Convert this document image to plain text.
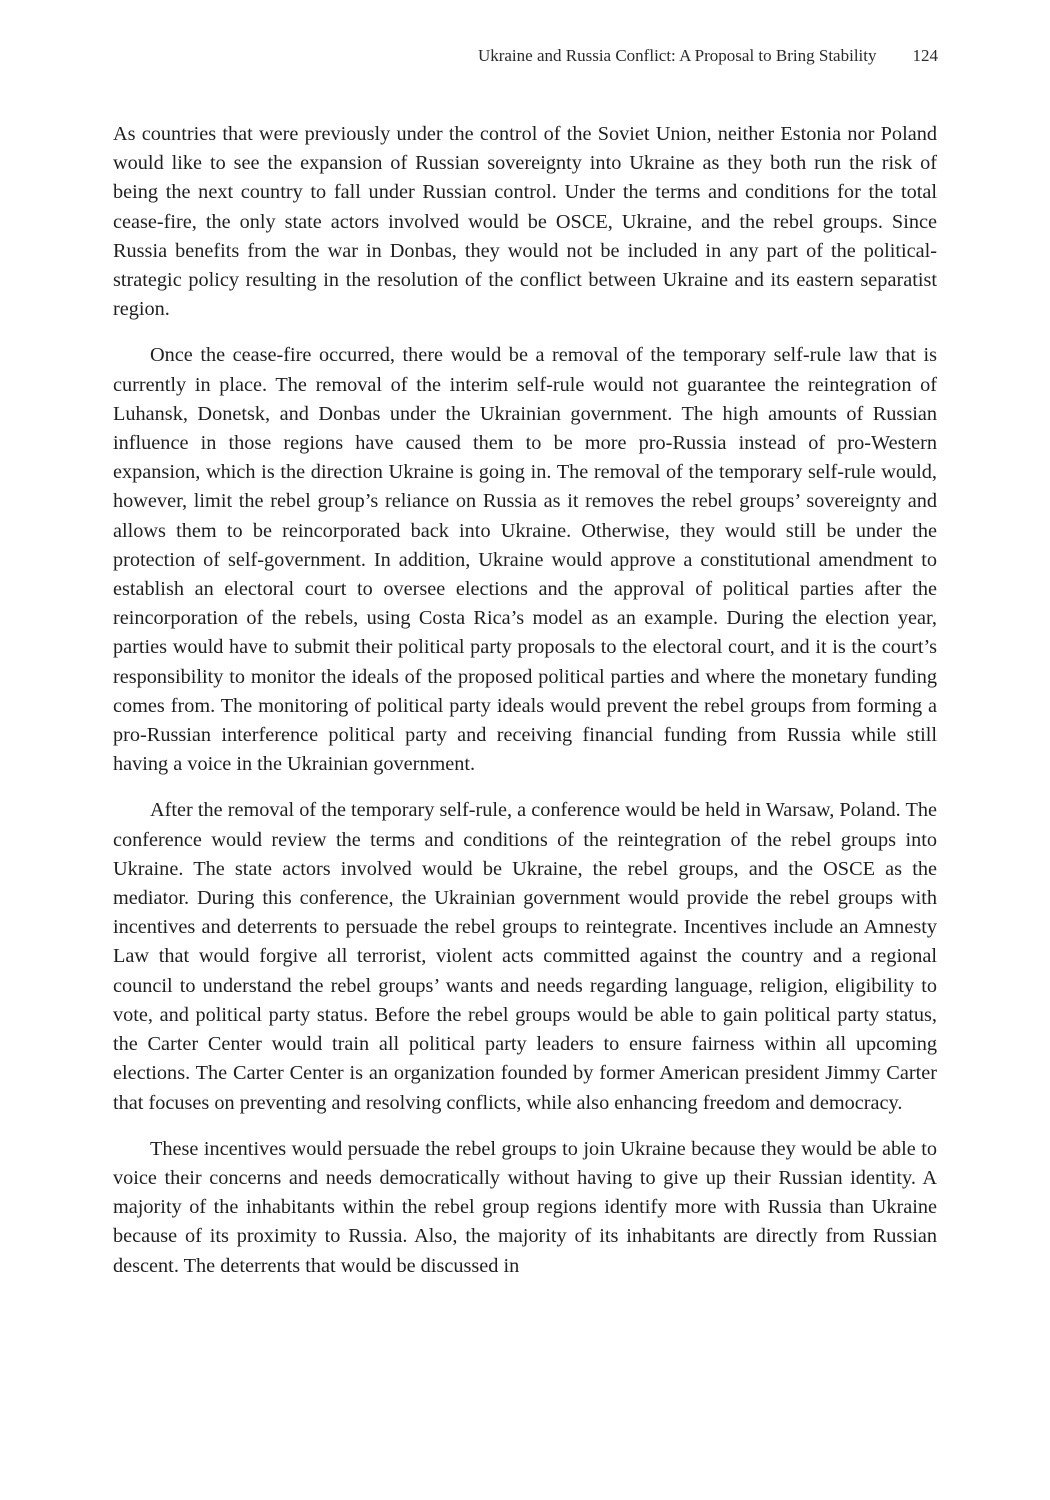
Ukraine and Russia Conflict: A Proposal to Bring Stability 124

As countries that were previously under the control of the Soviet Union, neither Estonia nor Poland would like to see the expansion of Russian sovereignty into Ukraine as they both run the risk of being the next country to fall under Russian control. Under the terms and conditions for the total cease-fire, the only state actors involved would be OSCE, Ukraine, and the rebel groups. Since Russia benefits from the war in Donbas, they would not be included in any part of the political-strategic policy resulting in the resolution of the conflict between Ukraine and its eastern separatist region.

Once the cease-fire occurred, there would be a removal of the temporary self-rule law that is currently in place. The removal of the interim self-rule would not guarantee the reintegration of Luhansk, Donetsk, and Donbas under the Ukrainian government. The high amounts of Russian influence in those regions have caused them to be more pro-Russia instead of pro-Western expansion, which is the direction Ukraine is going in. The removal of the temporary self-rule would, however, limit the rebel group’s reliance on Russia as it removes the rebel groups’ sovereignty and allows them to be reincorporated back into Ukraine. Otherwise, they would still be under the protection of self-government. In addition, Ukraine would approve a constitutional amendment to establish an electoral court to oversee elections and the approval of political parties after the reincorporation of the rebels, using Costa Rica’s model as an example. During the election year, parties would have to submit their political party proposals to the electoral court, and it is the court’s responsibility to monitor the ideals of the proposed political parties and where the monetary funding comes from. The monitoring of political party ideals would prevent the rebel groups from forming a pro-Russian interference political party and receiving financial funding from Russia while still having a voice in the Ukrainian government.

After the removal of the temporary self-rule, a conference would be held in Warsaw, Poland. The conference would review the terms and conditions of the reintegration of the rebel groups into Ukraine. The state actors involved would be Ukraine, the rebel groups, and the OSCE as the mediator. During this conference, the Ukrainian government would provide the rebel groups with incentives and deterrents to persuade the rebel groups to reintegrate. Incentives include an Amnesty Law that would forgive all terrorist, violent acts committed against the country and a regional council to understand the rebel groups’ wants and needs regarding language, religion, eligibility to vote, and political party status. Before the rebel groups would be able to gain political party status, the Carter Center would train all political party leaders to ensure fairness within all upcoming elections. The Carter Center is an organization founded by former American president Jimmy Carter that focuses on preventing and resolving conflicts, while also enhancing freedom and democracy.

These incentives would persuade the rebel groups to join Ukraine because they would be able to voice their concerns and needs democratically without having to give up their Russian identity. A majority of the inhabitants within the rebel group regions identify more with Russia than Ukraine because of its proximity to Russia. Also, the majority of its inhabitants are directly from Russian descent. The deterrents that would be discussed in
